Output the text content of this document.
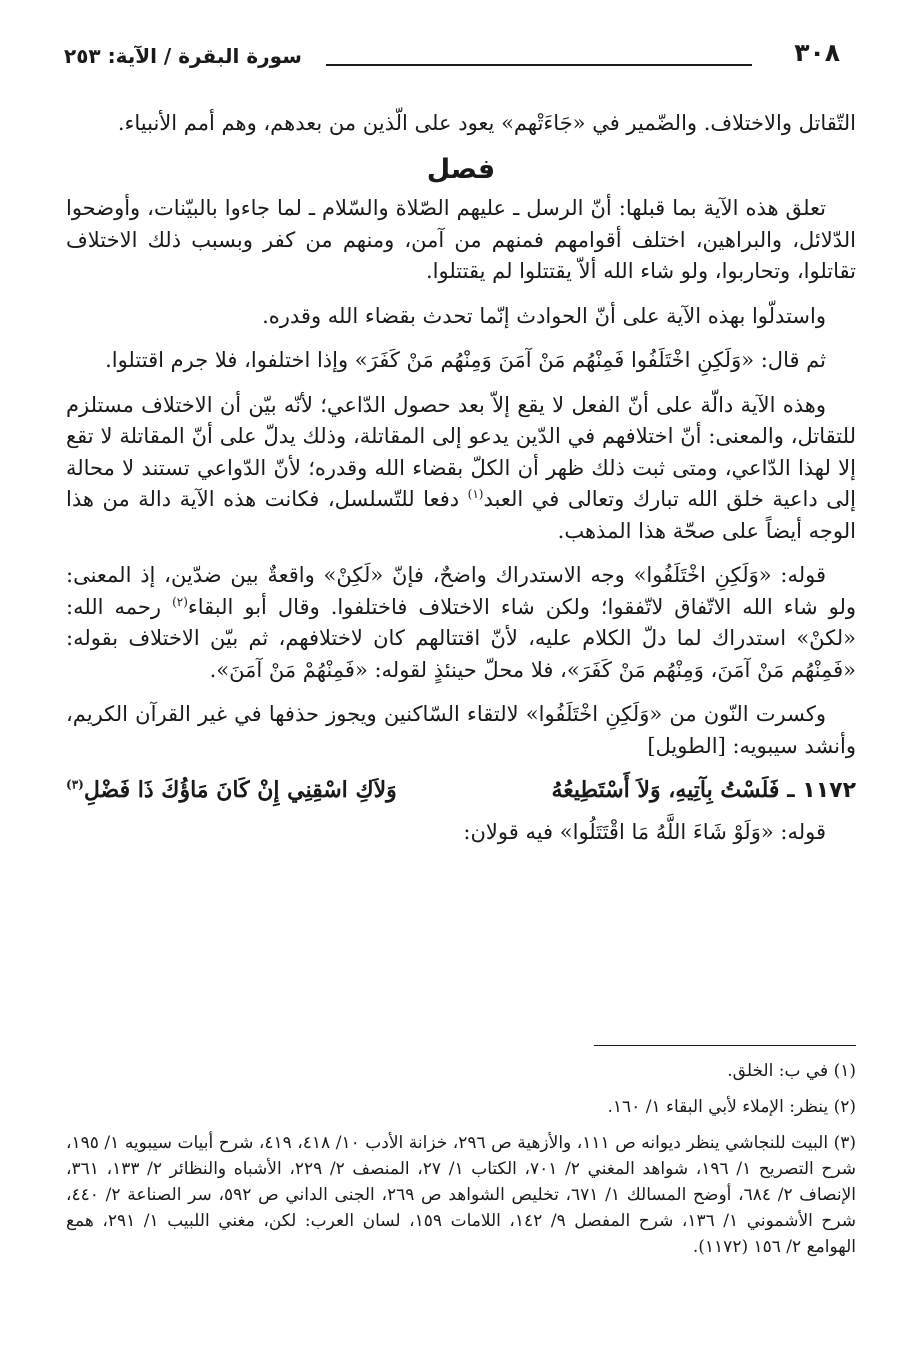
٣٠٨
سورة البقرة / الآية: ٢٥٣

التّقاتل والاختلاف. والضّمير في «جَاءَتْهم» يعود على الّذين من بعدهم، وهم أمم الأنبياء.

فصل

تعلق هذه الآية بما قبلها: أنّ الرسل ـ عليهم الصّلاة والسّلام ـ لما جاءوا بالبيّنات، وأوضحوا الدّلائل، والبراهين، اختلف أقوامهم فمنهم من آمن، ومنهم من كفر وبسبب ذلك الاختلاف تقاتلوا، وتحاربوا، ولو شاء الله ألاّ يقتتلوا لم يقتتلوا.

واستدلّوا بهذه الآية على أنّ الحوادث إنّما تحدث بقضاء الله وقدره.

ثم قال: «وَلَكِنِ اخْتَلَفُوا فَمِنْهُم مَنْ آمَنَ وَمِنْهُم مَنْ كَفَرَ» وإذا اختلفوا، فلا جرم اقتتلوا.

وهذه الآية دالّة على أنّ الفعل لا يقع إلاّ بعد حصول الدّاعي؛ لأنّه بيّن أن الاختلاف مستلزم للتقاتل، والمعنى: أنّ اختلافهم في الدّين يدعو إلى المقاتلة، وذلك يدلّ على أنّ المقاتلة لا تقع إلا لهذا الدّاعي، ومتى ثبت ذلك ظهر أن الكلّ بقضاء الله وقدره؛ لأنّ الدّواعي تستند لا محالة إلى داعية خلق الله تبارك وتعالى في العبد$^{(١)}$ دفعا للتّسلسل، فكانت هذه الآية دالة من هذا الوجه أيضاً على صحّة هذا المذهب.

قوله: «وَلَكِنِ اخْتَلَفُوا» وجه الاستدراك واضحٌ، فإنّ «لَكِنْ» واقعةٌ بين ضدّين، إذ المعنى: ولو شاء الله الاتّفاق لاتّفقوا؛ ولكن شاء الاختلاف فاختلفوا. وقال أبو البقاء$^{(٢)}$ رحمه الله: «لكنْ» استدراك لما دلّ الكلام عليه، لأنّ اقتتالهم كان لاختلافهم، ثم بيّن الاختلاف بقوله: «فَمِنْهُم مَنْ آمَنَ، وَمِنْهُم مَنْ كَفَرَ»، فلا محلّ حينئذٍ لقوله: «فَمِنْهُمْ مَنْ آمَنَ».

وكسرت النّون من «وَلَكِنِ اخْتَلَفُوا» لالتقاء السّاكنين ويجوز حذفها في غير القرآن الكريم، وأنشد سيبويه: [الطويل]

١١٧٢ ـ فَلَسْتُ بِآتِيهِ، وَلاَ أَسْتَطِيعُهُ
وَلاَكِ اسْقِنِي إِنْ كَانَ مَاؤُكَ ذَا فَضْلِ$^{(٣)}$

قوله: «وَلَوْ شَاءَ اللَّهُ مَا اقْتَتَلُوا» فيه قولان:

(١) في ب: الخلق.
(٢) ينظر: الإملاء لأبي البقاء ١/ ١٦٠.
(٣) البيت للنجاشي ينظر ديوانه ص ١١١، والأزهية ص ٢٩٦، خزانة الأدب ١٠/ ٤١٨، ٤١٩، شرح أبيات سيبويه ١/ ١٩٥، شرح التصريح ١/ ١٩٦، شواهد المغني ٢/ ٧٠١، الكتاب ١/ ٢٧، المنصف ٢/ ٢٢٩، الأشباه والنظائر ٢/ ١٣٣، ٣٦١، الإنصاف ٢/ ٦٨٤، أوضح المسالك ١/ ٦٧١، تخليص الشواهد ص ٢٦٩، الجنى الداني ص ٥٩٢، سر الصناعة ٢/ ٤٤٠، شرح الأشموني ١/ ١٣٦، شرح المفصل ٩/ ١٤٢، اللامات ١٥٩، لسان العرب: لكن، مغني اللبيب ١/ ٢٩١، همع الهوامع ٢/ ١٥٦ (١١٧٢).
